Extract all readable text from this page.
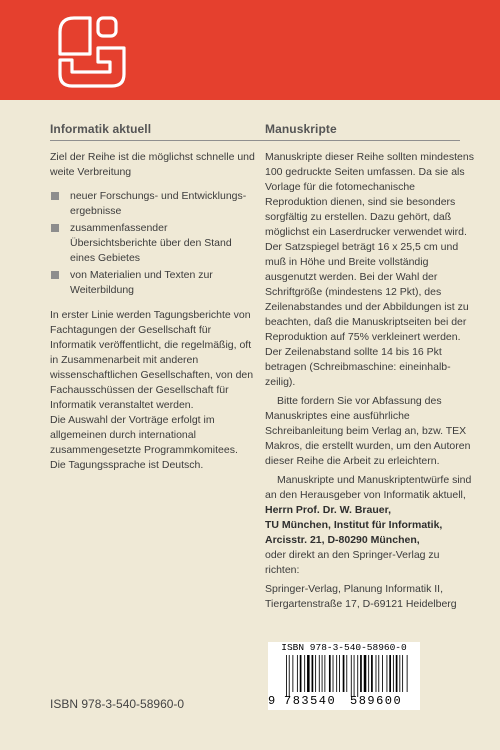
Informatik aktuell

Ziel der Reihe ist die möglichst schnelle und weite Verbreitung

neuer Forschungs- und Entwicklungs-ergebnisse
zusammenfassender Übersichtsberichte über den Stand eines Gebietes
von Materialien und Texten zur Weiterbildung

In erster Linie werden Tagungsberichte von Fachtagungen der Gesellschaft für Informatik veröffentlicht, die regelmäßig, oft in Zusammenarbeit mit anderen wissenschaftlichen Gesellschaften, von den Fachausschüssen der Gesellschaft für Informatik veranstaltet werden.

Die Auswahl der Vorträge erfolgt im allgemeinen durch international zusammengesetzte Programmkomitees.

Die Tagungssprache ist Deutsch.

Manuskripte

Manuskripte dieser Reihe sollten mindestens 100 gedruckte Seiten umfassen. Da sie als Vorlage für die fotomechanische Reproduktion dienen, sind sie besonders sorgfältig zu erstellen. Dazu gehört, daß möglichst ein Laserdrucker verwendet wird. Der Satzspiegel beträgt 16 x 25,5 cm und muß in Höhe und Breite vollständig ausgenutzt werden. Bei der Wahl der Schriftgröße (mindestens 12 Pkt), des Zeilenabstandes und der Abbildungen ist zu beachten, daß die Manuskriptseiten bei der Reproduktion auf 75% verkleinert werden. Der Zeilenabstand sollte 14 bis 16 Pkt betragen (Schreibmaschine: eineinhalb-zeilig).

Bitte fordern Sie vor Abfassung des Manuskriptes eine ausführliche Schreibanleitung beim Verlag an, bzw. TEX Makros, die erstellt wurden, um den Autoren dieser Reihe die Arbeit zu erleichtern.

Manuskripte und Manuskriptentwürfe sind an den Herausgeber von Informatik aktuell,

Herrn Prof. Dr. W. Brauer,
TU München, Institut für Informatik,
Arcisstr. 21, D-80290 München,

oder direkt an den Springer-Verlag zu richten:

Springer-Verlag, Planung Informatik II,
Tiergartenstraße 17, D-69121 Heidelberg
ISBN 978-3-540-58960-0
ISBN 978-3-540-58960-0
9 783540 589600
